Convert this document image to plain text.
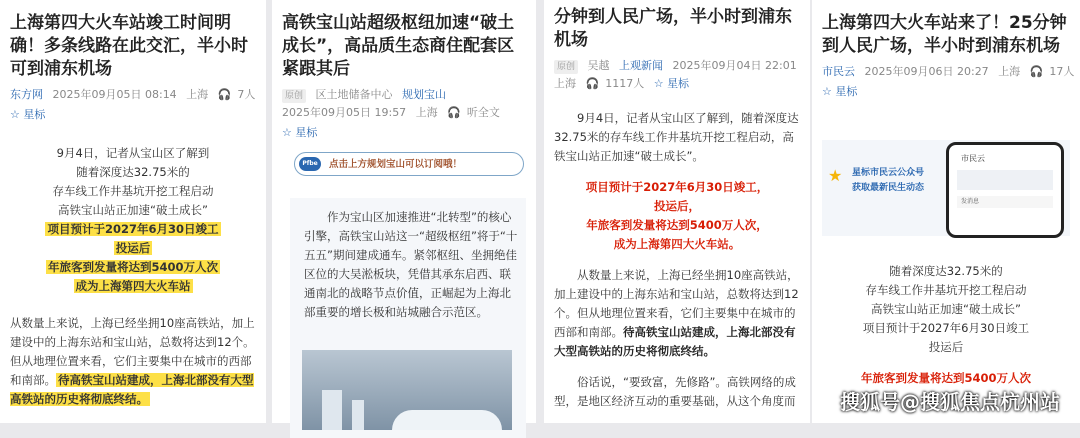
上海第四大火车站竣工时间明确！多条线路在此交汇，半小时可到浦东机场
东方网 2025年09月05日 08:14 上海 🎧 7人
☆ 星标
9月4日，记者从宝山区了解到
随着深度达32.75米的
存车线工作井基坑开挖工程启动
高铁宝山站正加速“破土成长”
项目预计于2027年6月30日竣工
投运后
年旅客到发量将达到5400万人次
成为上海第四大火车站
从数量上来说，上海已经坐拥10座高铁站，加上建设中的上海东站和宝山站，总数将达到12个。但从地理位置来看，它们主要集中在城市的西部和南部。 待高铁宝山站建成，上海北部没有大型高铁站的历史将彻底终结。
高铁宝山站超级枢纽加速“破土成长”，高品质生态商住配套区紧跟其后
原创 区土地储备中心 规划宝山
2025年09月05日 19:57 上海 🎧 听全文
☆ 星标
Pfbe	点击上方规划宝山可以订阅哦！
作为宝山区加速推进“北转型”的核心引擎，高铁宝山站这一“超级枢纽”将于“十五五”期间建成通车。紧邻枢纽、坐拥绝佳区位的大吴淞板块，凭借其承东启西、联通南北的战略节点价值，正崛起为上海北部重要的增长极和站城融合示范区。
分钟到人民广场，半小时到浦东机场
原创 吴越 上观新闻 2025年09月04日 22:01
上海 🎧 1117人 ☆ 星标
9月4日，记者从宝山区了解到，随着深度达32.75米的存车线工作井基坑开挖工程启动，高铁宝山站正加速“破土成长”。
项目预计于2027年6月30日竣工，
投运后，
年旅客到发量将达到5400万人次，
成为上海第四大火车站。
从数量上来说，上海已经坐拥10座高铁站，加上建设中的上海东站和宝山站，总数将达到12个。但从地理位置来看，它们主要集中在城市的西部和南部。待高铁宝山站建成，上海北部没有大型高铁站的历史将彻底终结。
俗话说，“要致富，先修路”。高铁网络的成型，是地区经济互动的重要基础，从这个角度而
上海第四大火车站来了！25分钟到人民广场，半小时到浦东机场
市民云 2025年09月06日 20:27 上海 🎧 17人
☆ 星标
★ 星标市民云公众号
获取最新民生动态
市民云
发消息
随着深度达32.75米的
存车线工作井基坑开挖工程启动
高铁宝山站正加速“破土成长”
项目预计于2027年6月30日竣工
投运后
年旅客到发量将达到5400万人次
搜狐号@搜狐焦点杭州站
